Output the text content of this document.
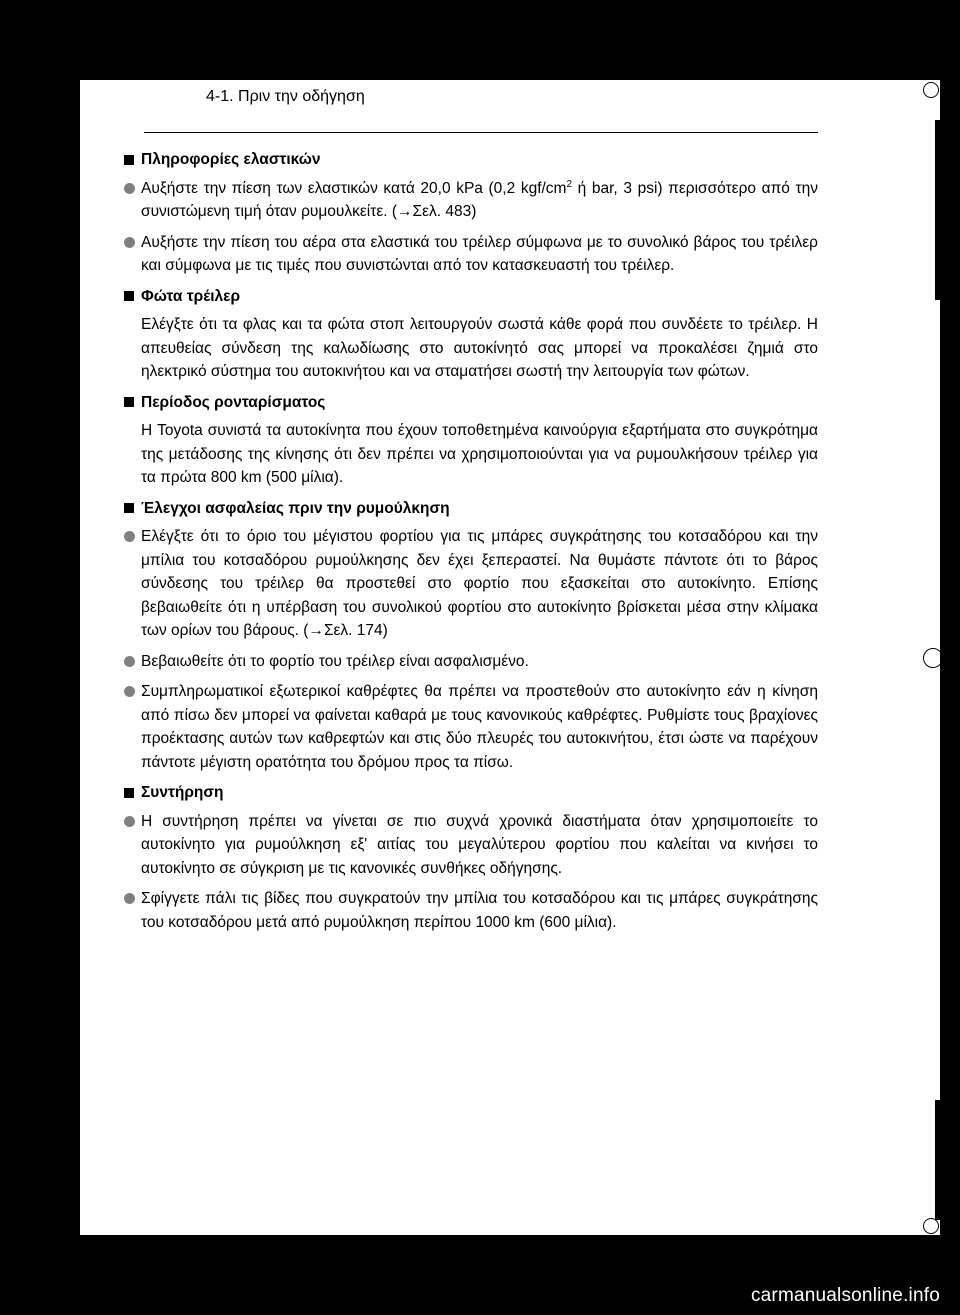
4-1. Πριν την οδήγηση
Πληροφορίες ελαστικών
Αυξήστε την πίεση των ελαστικών κατά 20,0 kPa (0,2 kgf/$cm^2$ ή bar, 3 psi) περισσότερο από την συνιστώμενη τιμή όταν ρυμουλκείτε. (→Σελ. 483)
Αυξήστε την πίεση του αέρα στα ελαστικά του τρέιλερ σύμφωνα με το συνολικό βάρος του τρέιλερ και σύμφωνα με τις τιμές που συνιστώνται από τον κατασκευαστή του τρέιλερ.
Φώτα τρέιλερ
Ελέγξτε ότι τα φλας και τα φώτα στοπ λειτουργούν σωστά κάθε φορά που συνδέετε το τρέιλερ. Η απευθείας σύνδεση της καλωδίωσης στο αυτοκίνητό σας μπορεί να προκαλέσει ζημιά στο ηλεκτρικό σύστημα του αυτοκινήτου και να σταματήσει σωστή την λειτουργία των φώτων.
Περίοδος ρονταρίσματος
Η Toyota συνιστά τα αυτοκίνητα που έχουν τοποθετημένα καινούργια εξαρτήματα στο συγκρότημα της μετάδοσης της κίνησης ότι δεν πρέπει να χρησιμοποιούνται για να ρυμουλκήσουν τρέιλερ για τα πρώτα 800 km (500 μίλια).
Έλεγχοι ασφαλείας πριν την ρυμούλκηση
Ελέγξτε ότι το όριο του μέγιστου φορτίου για τις μπάρες συγκράτησης του κοτσαδόρου και την μπίλια του κοτσαδόρου ρυμούλκησης δεν έχει ξεπεραστεί. Να θυμάστε πάντοτε ότι το βάρος σύνδεσης του τρέιλερ θα προστεθεί στο φορτίο που εξασκείται στο αυτοκίνητο. Επίσης βεβαιωθείτε ότι η υπέρβαση του συνολικού φορτίου στο αυτοκίνητο βρίσκεται μέσα στην κλίμακα των ορίων του βάρους. (→Σελ. 174)
Βεβαιωθείτε ότι το φορτίο του τρέιλερ είναι ασφαλισμένο.
Συμπληρωματικοί εξωτερικοί καθρέφτες θα πρέπει να προστεθούν στο αυτοκίνητο εάν η κίνηση από πίσω δεν μπορεί να φαίνεται καθαρά με τους κανονικούς καθρέφτες. Ρυθμίστε τους βραχίονες προέκτασης αυτών των καθρεφτών και στις δύο πλευρές του αυτοκινήτου, έτσι ώστε να παρέχουν πάντοτε μέγιστη ορατότητα του δρόμου προς τα πίσω.
Συντήρηση
Η συντήρηση πρέπει να γίνεται σε πιο συχνά χρονικά διαστήματα όταν χρησιμοποιείτε το αυτοκίνητο για ρυμούλκηση εξ' αιτίας του μεγαλύτερου φορτίου που καλείται να κινήσει το αυτοκίνητο σε σύγκριση με τις κανονικές συνθήκες οδήγησης.
Σφίγγετε πάλι τις βίδες που συγκρατούν την μπίλια του κοτσαδόρου και τις μπάρες συγκράτησης του κοτσαδόρου μετά από ρυμούλκηση περίπου 1000 km (600 μίλια).
carmanualsonline.info
